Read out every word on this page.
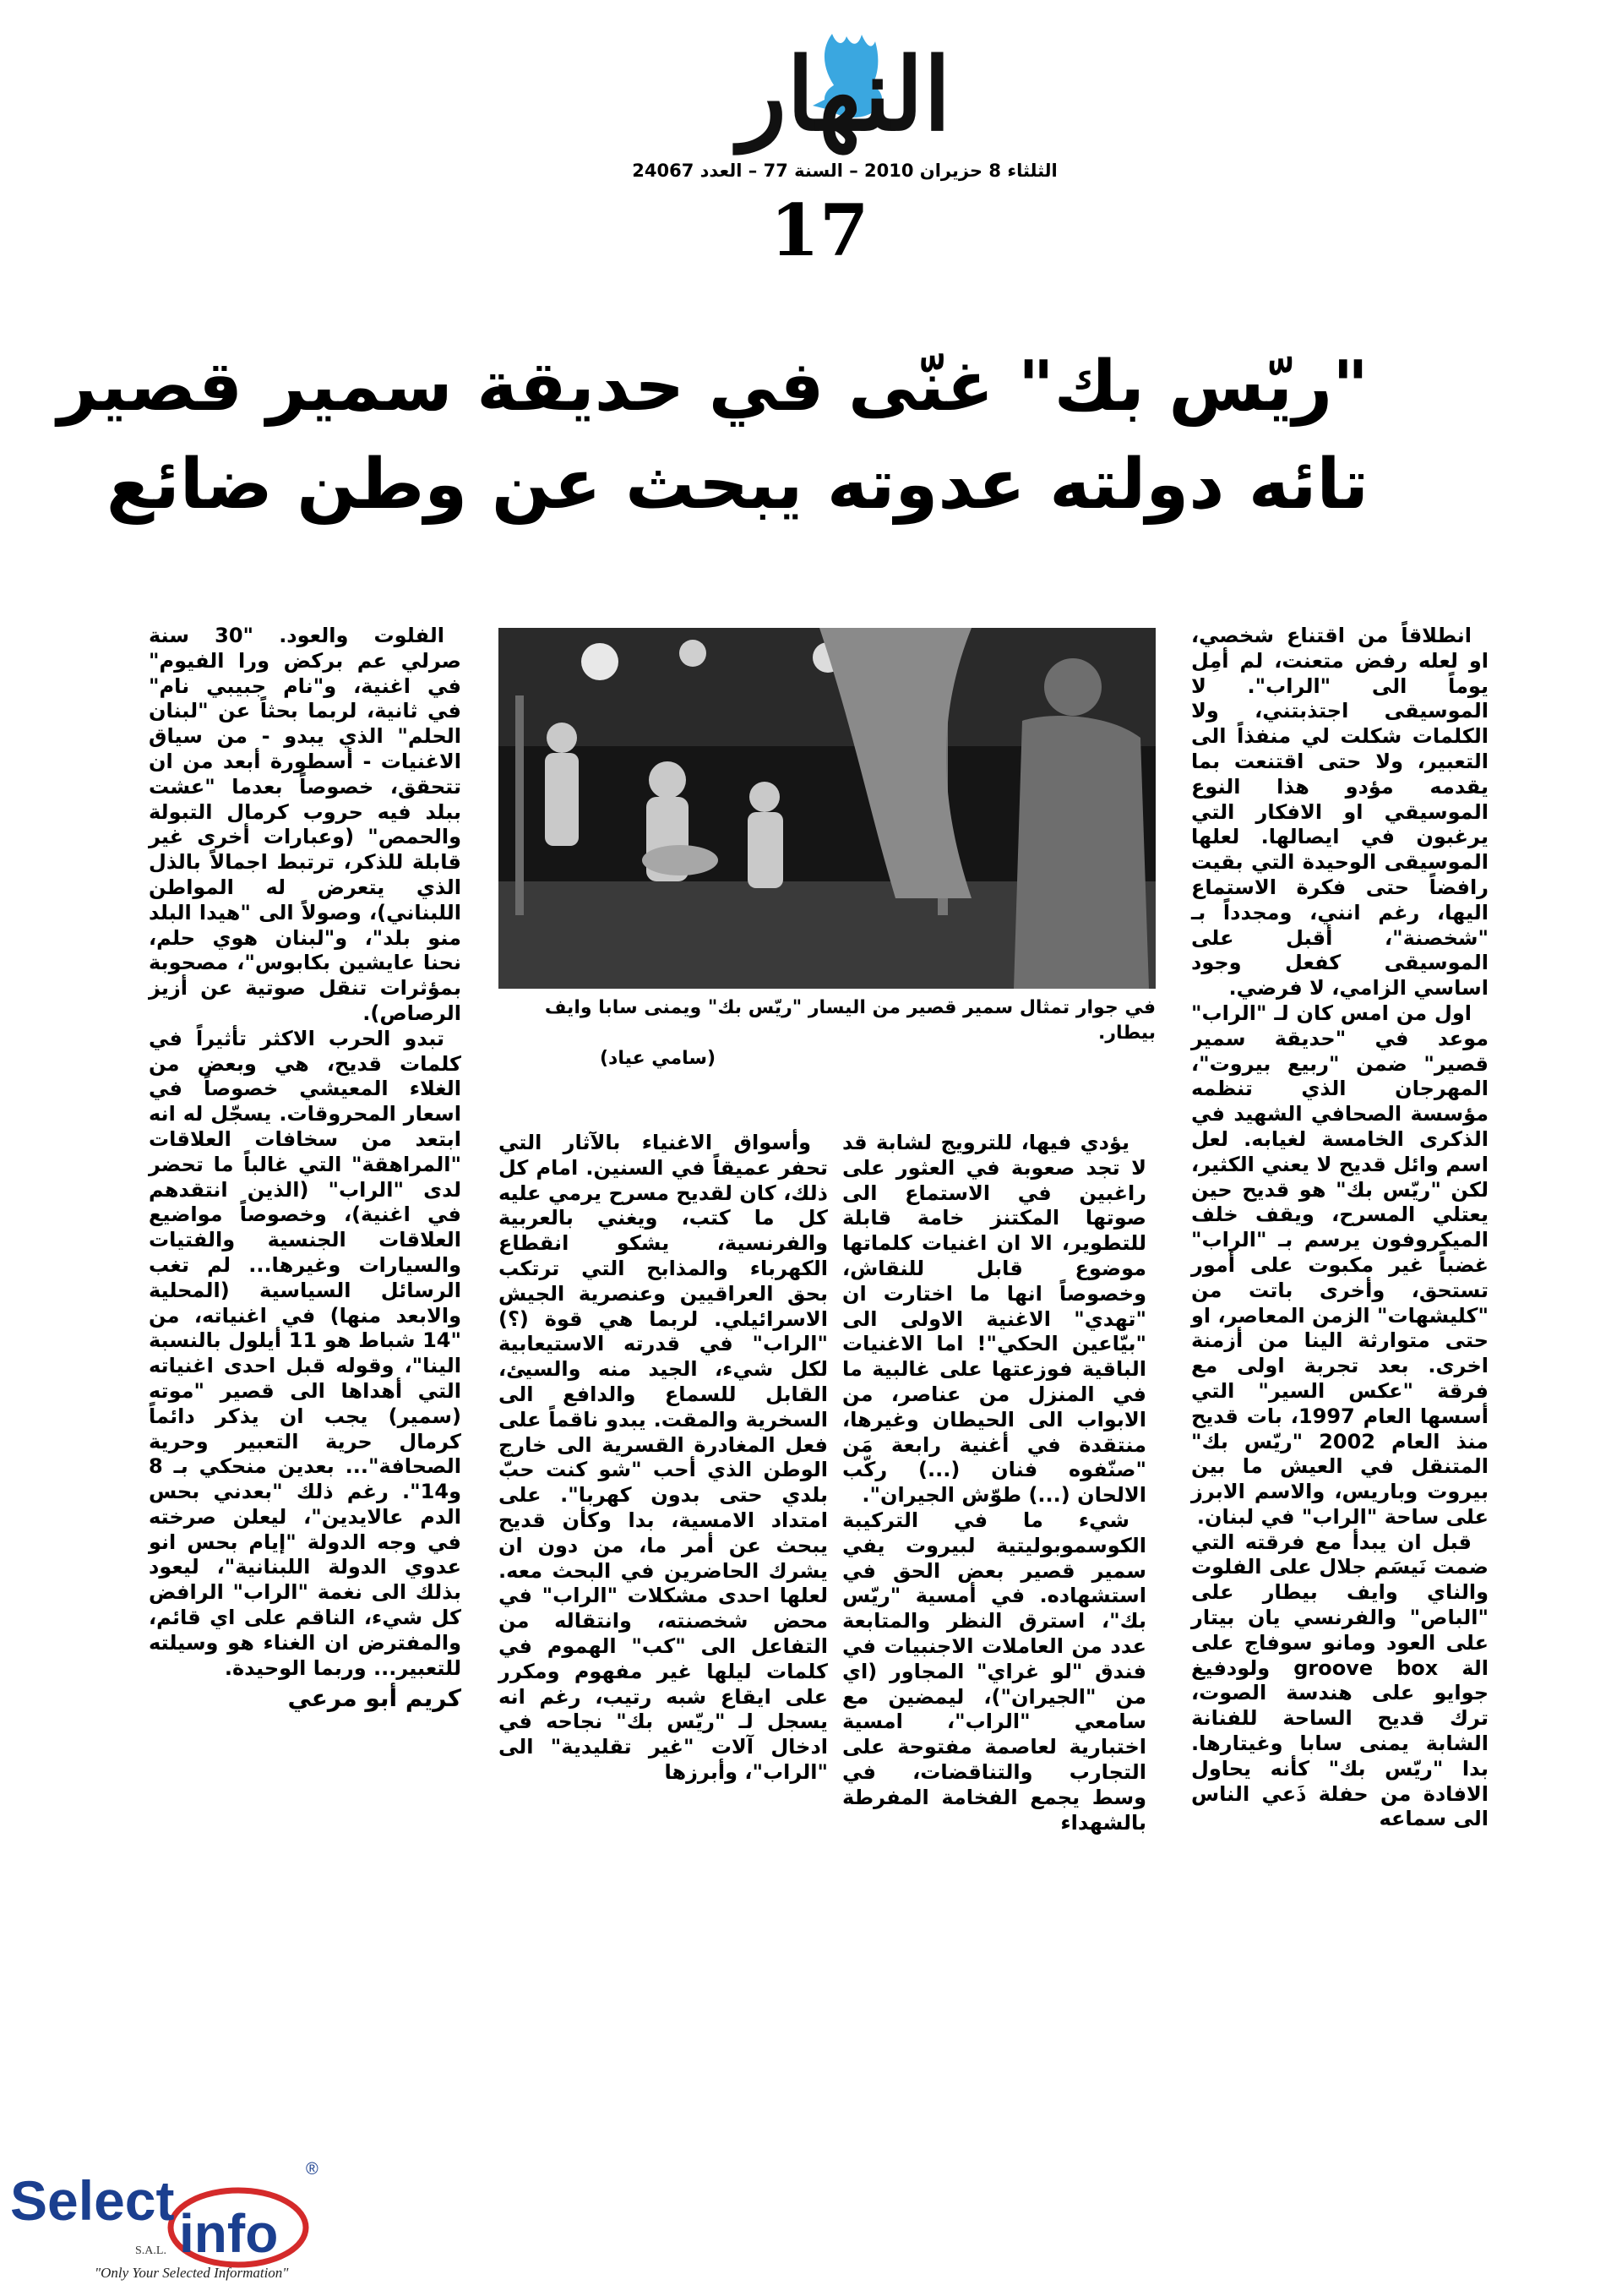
النهار
الثلثاء 8 حزيران 2010 – السنة 77 – العدد 24067
17
"ريّس بك" غنّى في حديقة سمير قصير
تائه دولته عدوته يبحث عن وطن ضائع

انطلاقاً من اقتناع شخصي، او لعله رفض متعنت، لم أمِل يوماً الى "الراب". لا الموسيقى اجتذبتني، ولا الكلمات شكلت لي منفذاً الى التعبير، ولا حتى اقتنعت بما يقدمه مؤدو هذا النوع الموسيقي او الافكار التي يرغبون في ايصالها. لعلها الموسيقى الوحيدة التي بقيت رافضاً حتى فكرة الاستماع اليها، رغم انني، ومجدداً بـ "شخصنة"، أقبل على الموسيقى كفعل وجود اساسي الزامي، لا فرضي.

اول من امس كان لـ "الراب" موعد في "حديقة سمير قصير" ضمن "ربيع بيروت"، المهرجان الذي تنظمه مؤسسة الصحافي الشهيد في الذكرى الخامسة لغيابه. لعل اسم وائل قديح لا يعني الكثير، لكن "ريّس بك" هو قديح حين يعتلي المسرح، ويقف خلف الميكروفون يرسم بـ "الراب" غضباً غير مكبوت على أمور تستحق، وأخرى باتت من "كليشهات" الزمن المعاصر، او حتى متوارثة الينا من أزمنة اخرى. بعد تجربة اولى مع فرقة "عكس السير" التي أسسها العام 1997، بات قديح منذ العام 2002 "ريّس بك" المتنقل في العيش ما بين بيروت وباريس، والاسم الابرز على ساحة "الراب" في لبنان.

قبل ان يبدأ مع فرقته التي ضمت نَيسَم جلال على الفلوت والناي وايف بيطار على "الباص" والفرنسي يان بيتار على العود ومانو سوفاج على الة groove box ولودفيغ جوايو على هندسة الصوت، ترك قديح الساحة للفنانة الشابة يمنى سابا وغيتارها. بدا "ريّس بك" كأنه يحاول الافادة من حفلة ذَعي الناس الى سماعه

في جوار تمثال سمير قصير من اليسار "ريّس بك" ويمنى سابا وايف بيطار.
(سامي عياد)

يؤدي فيها، للترويج لشابة قد لا تجد صعوبة في العثور على راغبين في الاستماع الى صوتها المكتنز خامة قابلة للتطوير، الا ان اغنيات كلماتها موضوع قابل للنقاش، وخصوصاً انها ما اختارت ان "تهدي" الاغنية الاولى الى "بيّاعين الحكي"! اما الاغنيات الباقية فوزعتها على غالبية ما في المنزل من عناصر، من الابواب الى الحيطان وغيرها، منتقدة في أغنية رابعة مَن "صنّفوه فنان (...) ركّب الالحان (...) طوّش الجيران".

شيء ما في التركيبة الكوسموبوليتية لبيروت يفي سمير قصير بعض الحق في استشهاده. في أمسية "ريّس بك"، استرق النظر والمتابعة عدد من العاملات الاجنبيات في فندق "لو غراي" المجاور (اي من "الجيران")، ليمضين مع سامعي "الراب"، امسية اختبارية لعاصمة مفتوحة على التجارب والتناقضات، في وسط يجمع الفخامة المفرطة بالشهداء

وأسواق الاغنياء بالآثار التي تحفر عميقاً في السنين. امام كل ذلك، كان لقديح مسرح يرمي عليه كل ما كتب، ويغني بالعربية والفرنسية، يشكو انقطاع الكهرباء والمذابح التي ترتكب بحق العراقيين وعنصرية الجيش الاسرائيلي. لربما هي قوة (؟) "الراب" في قدرته الاستيعابية لكل شيء، الجيد منه والسيئ، القابل للسماع والدافع الى السخرية والمقت. يبدو ناقماً على فعل المغادرة القسرية الى خارج الوطن الذي أحب "شو كنت حبّ بلدي حتى بدون كهربا". على امتداد الامسية، بدا وكأن قديح يبحث عن أمر ما، من دون ان يشرك الحاضرين في البحث معه. لعلها احدى مشكلات "الراب" في محض شخصنته، وانتقاله من التفاعل الى "كب" الهموم في كلمات ليلها غير مفهوم ومكرر على ايقاع شبه رتيب، رغم انه يسجل لـ "ريّس بك" نجاحه في ادخال آلات "غير تقليدية" الى "الراب"، وأبرزها

الفلوت والعود. "30 سنة صرلي عم بركض ورا الفيوم" في اغنية، و"نام جبيبي نام" في ثانية، لربما بحثاً عن "لبنان الحلم" الذي يبدو - من سياق الاغنيات - أسطورة أبعد من ان تتحقق، خصوصاً بعدما "عشت ببلد فيه حروب كرمال التبولة والحمص" (وعبارات أخرى غير قابلة للذكر، ترتبط اجمالاً بالذل الذي يتعرض له المواطن اللبناني)، وصولاً الى "هيدا البلد منو بلد"، و"لبنان هوي حلم، نحنا عايشين بكابوس"، مصحوبة بمؤثرات تنقل صوتية عن أزيز الرصاص).

تبدو الحرب الاكثر تأثيراً في كلمات قديح، هي وبعض من الغلاء المعيشي خصوصاً في اسعار المحروقات. يسجّل له انه ابتعد من سخافات العلاقات "المراهقة" التي غالباً ما تحضر لدى "الراب" (الذين انتقدهم في اغنية)، وخصوصاً مواضيع العلاقات الجنسية والفتيات والسيارات وغيرها... لم تغب الرسائل السياسية (المحلية والابعد منها) في اغنياته، من "14 شباط هو 11 أيلول بالنسبة الينا"، وقوله قبل احدى اغنياته التي أهداها الى قصير "موته (سمير) يجب ان يذكر دائماً كرمال حرية التعبير وحرية الصحافة"... بعدين منحكي بـ 8 و14". رغم ذلك "بعدني بحس الدم عالايدين"، ليعلن صرخته في وجه الدولة "إيام بحس انو عدوي الدولة اللبنانية"، ليعود بذلك الى نغمة "الراب" الرافض كل شيء، الناقم على اي قائم، والمفترض ان الغناء هو وسيلته للتعبير... وربما الوحيدة.

كريم أبو مرعي
Select
info
®
S.A.L.
"Only Your Selected Information"
